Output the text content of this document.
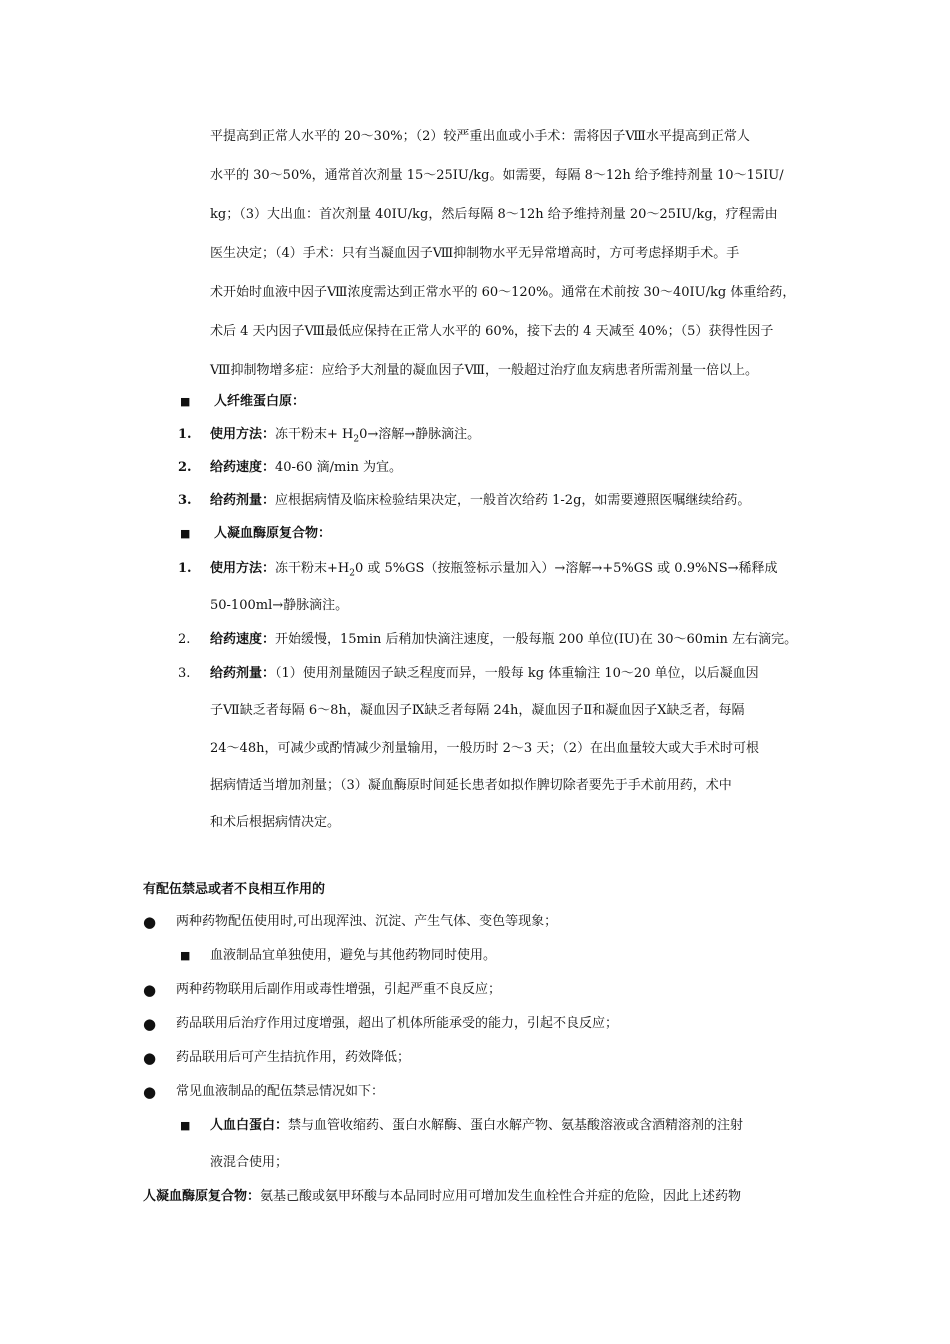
平提高到正常人水平的 20～30%；（2）较严重出血或小手术：需将因子Ⅷ水平提高到正常人
水平的 30～50%，通常首次剂量 15～25IU/kg。如需要，每隔 8～12h 给予维持剂量 10～15IU/
kg；（3）大出血：首次剂量 40IU/kg，然后每隔 8～12h 给予维持剂量 20～25IU/kg，疗程需由
医生决定；（4）手术：只有当凝血因子Ⅷ抑制物水平无异常增高时，方可考虑择期手术。手
术开始时血液中因子Ⅷ浓度需达到正常水平的 60～120%。通常在术前按 30～40IU/kg 体重给药，
术后 4 天内因子Ⅷ最低应保持在正常人水平的 60%，接下去的 4 天减至 40%；（5）获得性因子
Ⅷ抑制物增多症：应给予大剂量的凝血因子Ⅷ，一般超过治疗血友病患者所需剂量一倍以上。
■ 人纤维蛋白原：
1.	使用方法：冻干粉末+ $H_20\to$溶解→静脉滴注。
2.	给药速度：40-60 滴/min 为宜。
3.	给药剂量：应根据病情及临床检验结果决定，一般首次给药 1-2g，如需要遵照医嘱继续给药。
■ 人凝血酶原复合物：
1.	使用方法：冻干粉末$+H_20$ 或 5%GS（按瓶签标示量加入）→溶解→+5%GS 或 0.9%NS→稀释成
50-100ml→静脉滴注。
2.	给药速度：开始缓慢，15min 后稍加快滴注速度，一般每瓶 200 单位(IU)在 30～60min 左右滴完。
3.	给药剂量：（1）使用剂量随因子缺乏程度而异，一般每 kg 体重输注 10～20 单位，以后凝血因
子Ⅶ缺乏者每隔 6～8h，凝血因子Ⅸ缺乏者每隔 24h，凝血因子Ⅱ和凝血因子Ⅹ缺乏者，每隔
24～48h，可减少或酌情减少剂量输用，一般历时 2～3 天；（2）在出血量较大或大手术时可根
据病情适当增加剂量；（3）凝血酶原时间延长患者如拟作脾切除者要先于手术前用药，术中
和术后根据病情决定。
有配伍禁忌或者不良相互作用的
● 两种药物配伍使用时,可出现浑浊、沉淀、产生气体、变色等现象；
■ 血液制品宜单独使用，避免与其他药物同时使用。
● 两种药物联用后副作用或毒性增强，引起严重不良反应；
● 药品联用后治疗作用过度增强，超出了机体所能承受的能力，引起不良反应；
● 药品联用后可产生拮抗作用，药效降低；
● 常见血液制品的配伍禁忌情况如下：
■ 人血白蛋白：禁与血管收缩药、蛋白水解酶、蛋白水解产物、氨基酸溶液或含酒精溶剂的注射
液混合使用；
人凝血酶原复合物：氨基己酸或氨甲环酸与本品同时应用可增加发生血栓性合并症的危险，因此上述药物
